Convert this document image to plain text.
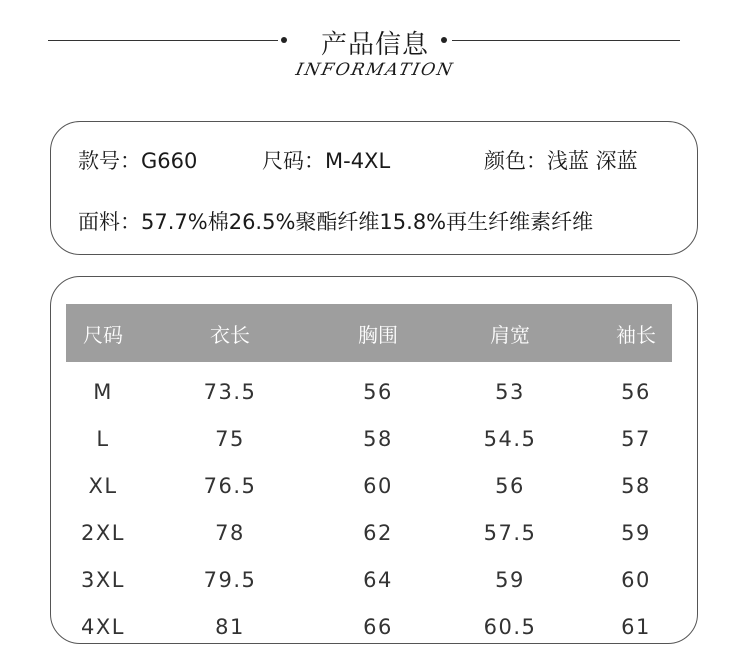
产品信息
INFORMATION
款号：G660	尺码：M-4XL	颜色：浅蓝 深蓝
面料：57.7%棉26.5%聚酯纤维15.8%再生纤维素纤维
尺码	衣长	胸围	肩宽	袖长
M	73.5	56	53	56
L	75	58	54.5	57
XL	76.5	60	56	58
2XL	78	62	57.5	59
3XL	79.5	64	59	60
4XL	81	66	60.5	61
